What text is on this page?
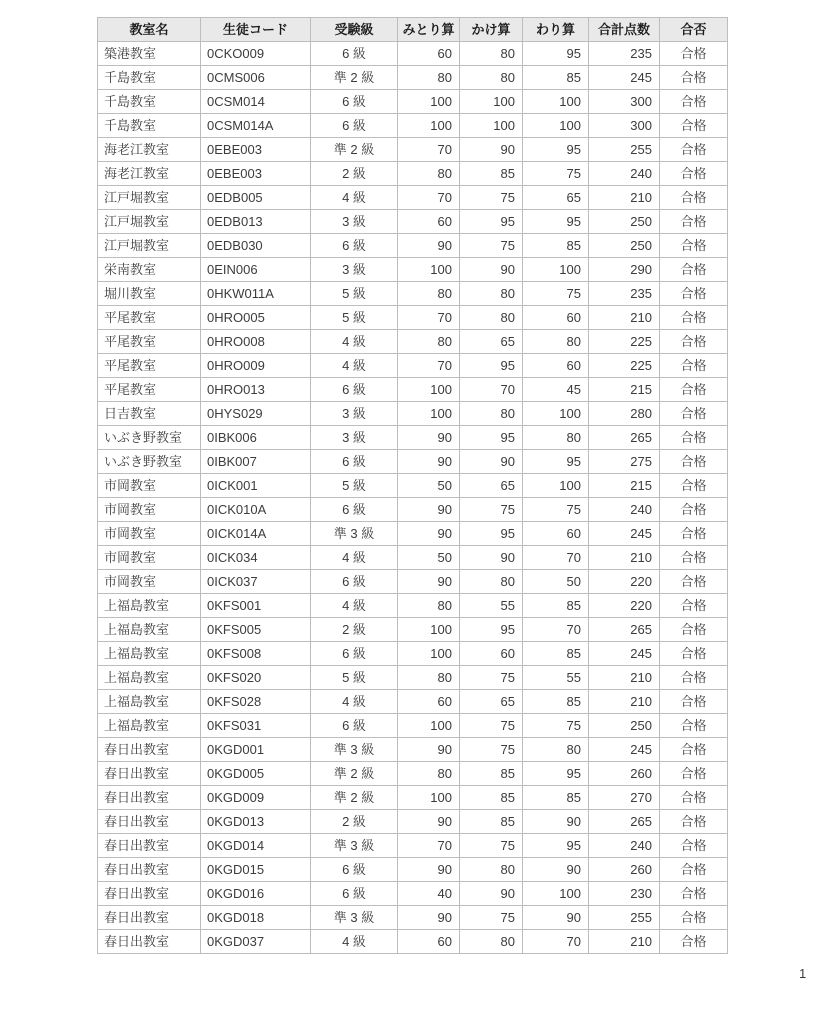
教室名	生徒コード	受験級	みとり算	かけ算	わり算	合計点数	合否
築港教室	0CKO009	6 級	60	80	95	235	合格
千島教室	0CMS006	準 2 級	80	80	85	245	合格
千島教室	0CSM014	6 級	100	100	100	300	合格
千島教室	0CSM014A	6 級	100	100	100	300	合格
海老江教室	0EBE003	準 2 級	70	90	95	255	合格
海老江教室	0EBE003	2 級	80	85	75	240	合格
江戸堀教室	0EDB005	4 級	70	75	65	210	合格
江戸堀教室	0EDB013	3 級	60	95	95	250	合格
江戸堀教室	0EDB030	6 級	90	75	85	250	合格
栄南教室	0EIN006	3 級	100	90	100	290	合格
堀川教室	0HKW011A	5 級	80	80	75	235	合格
平尾教室	0HRO005	5 級	70	80	60	210	合格
平尾教室	0HRO008	4 級	80	65	80	225	合格
平尾教室	0HRO009	4 級	70	95	60	225	合格
平尾教室	0HRO013	6 級	100	70	45	215	合格
日吉教室	0HYS029	3 級	100	80	100	280	合格
いぶき野教室	0IBK006	3 級	90	95	80	265	合格
いぶき野教室	0IBK007	6 級	90	90	95	275	合格
市岡教室	0ICK001	5 級	50	65	100	215	合格
市岡教室	0ICK010A	6 級	90	75	75	240	合格
市岡教室	0ICK014A	準 3 級	90	95	60	245	合格
市岡教室	0ICK034	4 級	50	90	70	210	合格
市岡教室	0ICK037	6 級	90	80	50	220	合格
上福島教室	0KFS001	4 級	80	55	85	220	合格
上福島教室	0KFS005	2 級	100	95	70	265	合格
上福島教室	0KFS008	6 級	100	60	85	245	合格
上福島教室	0KFS020	5 級	80	75	55	210	合格
上福島教室	0KFS028	4 級	60	65	85	210	合格
上福島教室	0KFS031	6 級	100	75	75	250	合格
春日出教室	0KGD001	準 3 級	90	75	80	245	合格
春日出教室	0KGD005	準 2 級	80	85	95	260	合格
春日出教室	0KGD009	準 2 級	100	85	85	270	合格
春日出教室	0KGD013	2 級	90	85	90	265	合格
春日出教室	0KGD014	準 3 級	70	75	95	240	合格
春日出教室	0KGD015	6 級	90	80	90	260	合格
春日出教室	0KGD016	6 級	40	90	100	230	合格
春日出教室	0KGD018	準 3 級	90	75	90	255	合格
春日出教室	0KGD037	4 級	60	80	70	210	合格
1
